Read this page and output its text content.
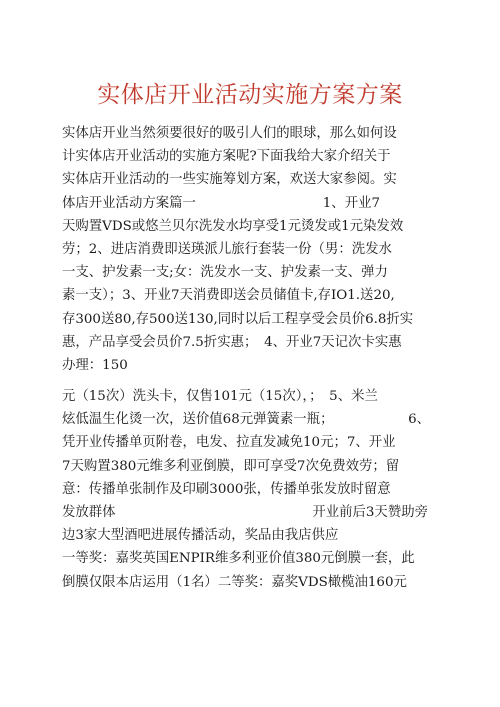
实体店开业活动实施方案方案
实体店开业当然须要很好的吸引人们的眼球，那么如何设
计实体店开业活动的实施方案呢?下面我给大家介绍关于
实体店开业活动的一些实施筹划方案，欢送大家参阅。实
体店开业活动方案篇一	1、开业7
天购置VDS或悠兰贝尔洗发水均享受1元烫发或1元染发效
劳；2、进店消费即送瑛派儿旅行套装一份（男：洗发水
一支、护发素一支;女：洗发水一支、护发素一支、弹力
素一支）；3、开业7天消费即送会员储值卡,存IO1.送20,
存300送80,存500送130,同时以后工程享受会员价6.8折实
惠，产品享受会员价7.5折实惠；　4、开业7天记次卡实惠
办理：150
元（15次）洗头卡，仅售101元（15次），；　5、米兰
炫低温生化烫一次，送价值68元弹簧素一瓶；	6、
凭开业传播单页附卷，电发、拉直发减免10元；7、开业
7天购置380元维多利亚倒膜，即可享受7次免费效劳；留
意：传播单张制作及印刷3000张，传播单张发放时留意
发放群体	开业前后3天赞助旁
边3家大型酒吧进展传播活动，奖品由我店供应
一等奖：嘉奖英国ENPIR维多利亚价值380元倒膜一套，此
倒膜仅限本店运用（1名）二等奖：嘉奖VDS橄榄油160元
